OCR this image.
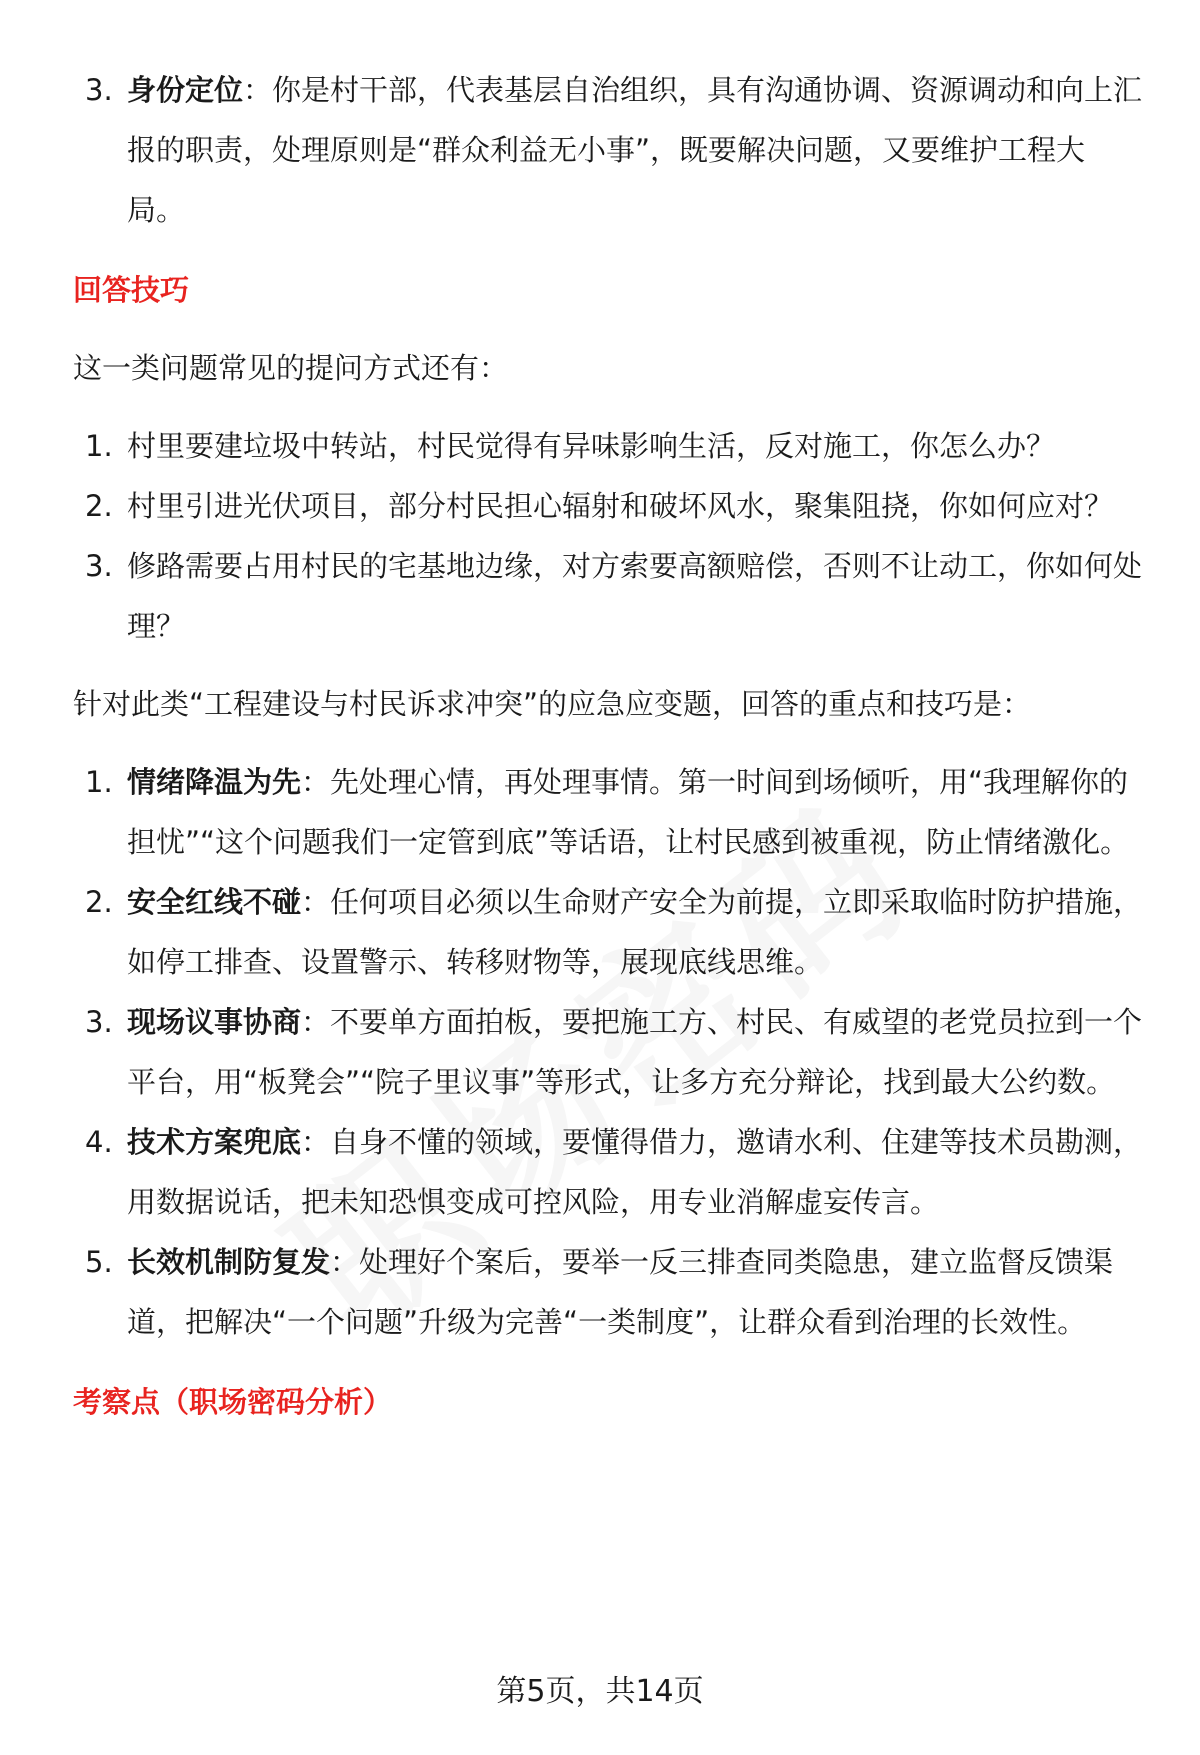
3. 身份定位：你是村干部，代表基层自治组织，具有沟通协调、资源调动和向上汇报的职责，处理原则是“群众利益无小事”，既要解决问题，又要维护工程大局。

回答技巧

这一类问题常见的提问方式还有：

1. 村里要建垃圾中转站，村民觉得有异味影响生活，反对施工，你怎么办？
2. 村里引进光伏项目，部分村民担心辐射和破坏风水，聚集阻挠，你如何应对？
3. 修路需要占用村民的宅基地边缘，对方索要高额赔偿，否则不让动工，你如何处理？

针对此类“工程建设与村民诉求冲突”的应急应变题，回答的重点和技巧是：

1. 情绪降温为先：先处理心情，再处理事情。第一时间到场倾听，用“我理解你的担忧”“这个问题我们一定管到底”等话语，让村民感到被重视，防止情绪激化。
2. 安全红线不碰：任何项目必须以生命财产安全为前提，立即采取临时防护措施，如停工排查、设置警示、转移财物等，展现底线思维。
3. 现场议事协商：不要单方面拍板，要把施工方、村民、有威望的老党员拉到一个平台，用“板凳会”“院子里议事”等形式，让多方充分辩论，找到最大公约数。
4. 技术方案兜底：自身不懂的领域，要懂得借力，邀请水利、住建等技术员勘测，用数据说话，把未知恐惧变成可控风险，用专业消解虚妄传言。
5. 长效机制防复发：处理好个案后，要举一反三排查同类隐患，建立监督反馈渠道，把解决“一个问题”升级为完善“一类制度”，让群众看到治理的长效性。

考察点（职场密码分析）

第5页，共14页
